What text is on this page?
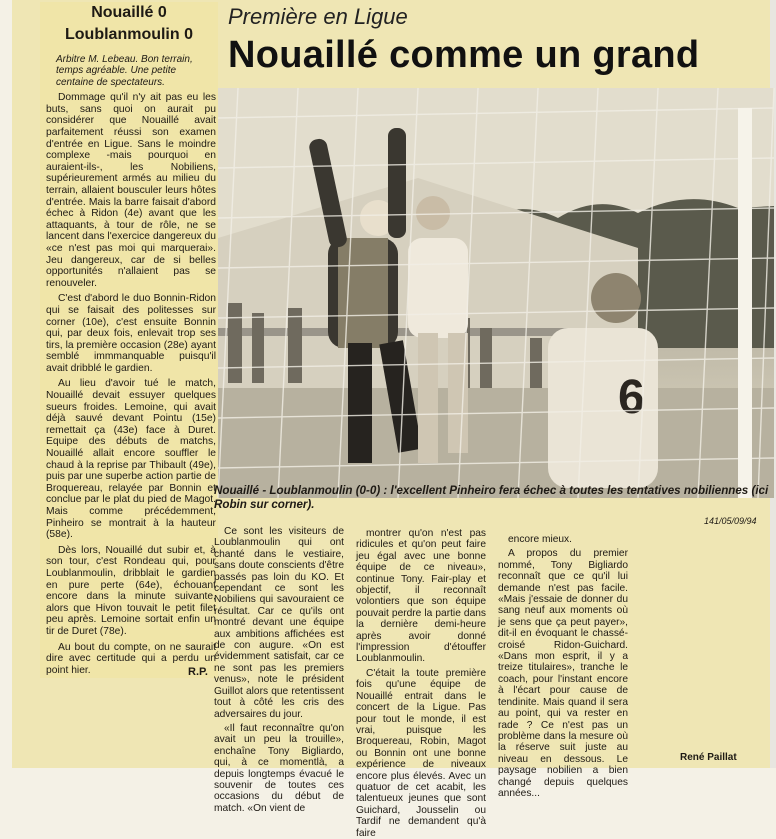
Nouaillé 0
Loublanmoulin 0
Arbitre M. Lebeau. Bon terrain, temps agréable. Une petite centaine de spectateurs.

Dommage qu'il n'y ait pas eu les buts, sans quoi on aurait pu considérer que Nouaillé avait parfaitement réussi son examen d'entrée en Ligue. Sans le moindre complexe -mais pourquoi en auraient-ils-, les Nobiliens, supérieurement armés au milieu du terrain, allaient bousculer leurs hôtes d'entrée. Mais la barre faisait d'abord échec à Ridon (4e) avant que les attaquants, à tour de rôle, ne se lancent dans l'exercice dangereux du «ce n'est pas moi qui marquerai». Jeu dangereux, car de si belles opportunités n'allaient pas se renouveler.

C'est d'abord le duo Bonnin-Ridon qui se faisait des politesses sur corner (10e), c'est ensuite Bonnin qui, par deux fois, enlevait trop ses tirs, la première occasion (28e) ayant semblé immmanquable puisqu'il avait dribblé le gardien.

Au lieu d'avoir tué le match, Nouaillé devait essuyer quelques sueurs froides. Lemoine, qui avait déjà sauvé devant Pointu (15e) remettait ça (43e) face à Duret. Equipe des débuts de matchs, Nouaillé allait encore souffler le chaud à la reprise par Thibault (49e), puis par une superbe action partie de Broquereau, relayée par Bonnin et conclue par le plat du pied de Magot. Mais comme précédemment, Pinheiro se montrait à la hauteur (58e).

Dès lors, Nouaillé dut subir et, à son tour, c'est Rondeau qui, pour Loublanmoulin, dribblait le gardien en pure perte (64e), échouant encore dans la minute suivante, alors que Hivon touvait le petit filet peu après. Lemoine sortait enfin un tir de Duret (78e).

Au bout du compte, on ne saurait dire avec certitude qui a perdu un point hier.	R.P.
Première en Ligue
Nouaillé comme un grand
6
Nouaillé - Loublanmoulin (0-0) : l'excellent Pinheiro fera échec à toutes les tentatives nobiliennes (ici Robin sur corner).
141/05/09/94

Ce sont les visiteurs de Loublanmoulin qui ont chanté dans le vestiaire, sans doute conscients d'être passés pas loin du KO. Et cependant ce sont les Nobiliens qui savouraient ce résultat. Car ce qu'ils ont montré devant une équipe aux ambitions affichées est de con augure. «On est évidemment satisfait, car ce ne sont pas les premiers venus», note le président Guillot alors que retentissent tout à côté les cris des adversaires du jour.

«Il faut reconnaître qu'on avait un peu la trouille», enchaîne Tony Bigliardo, qui, à ce momentlà, a depuis longtemps évacué le souvenir de toutes ces occasions du début de match. «On vient de

montrer qu'on n'est pas ridicules et qu'on peut faire jeu égal avec une bonne équipe de ce niveau», continue Tony. Fair-play et objectif, il reconnaît volontiers que son équipe pouvait perdre la partie dans la dernière demi-heure après avoir donné l'impression d'étouffer Loublanmoulin.

C'était la toute première fois qu'une équipe de Nouaillé entrait dans le concert de la Ligue. Pas pour tout le monde, il est vrai, puisque les Broquereau, Robin, Magot ou Bonnin ont une bonne expérience de niveaux encore plus élevés. Avec un quatuor de cet acabit, les talentueux jeunes que sont Guichard, Jousselin ou Tardif ne demandent qu'à faire

encore mieux.

A propos du premier nommé, Tony Bigliardo reconnaît que ce qu'il lui demande n'est pas facile. «Mais j'essaie de donner du sang neuf aux moments où je sens que ça peut payer», dit-il en évoquant le chassé-croisé Ridon-Guichard. «Dans mon esprit, il y a treize titulaires», tranche le coach, pour l'instant encore à l'écart pour cause de tendinite. Mais quand il sera au point, qui va rester en rade ? Ce n'est pas un problème dans la mesure où la réserve suit juste au niveau en dessous. Le paysage nobilien a bien changé depuis quelques années...

René Paillat
